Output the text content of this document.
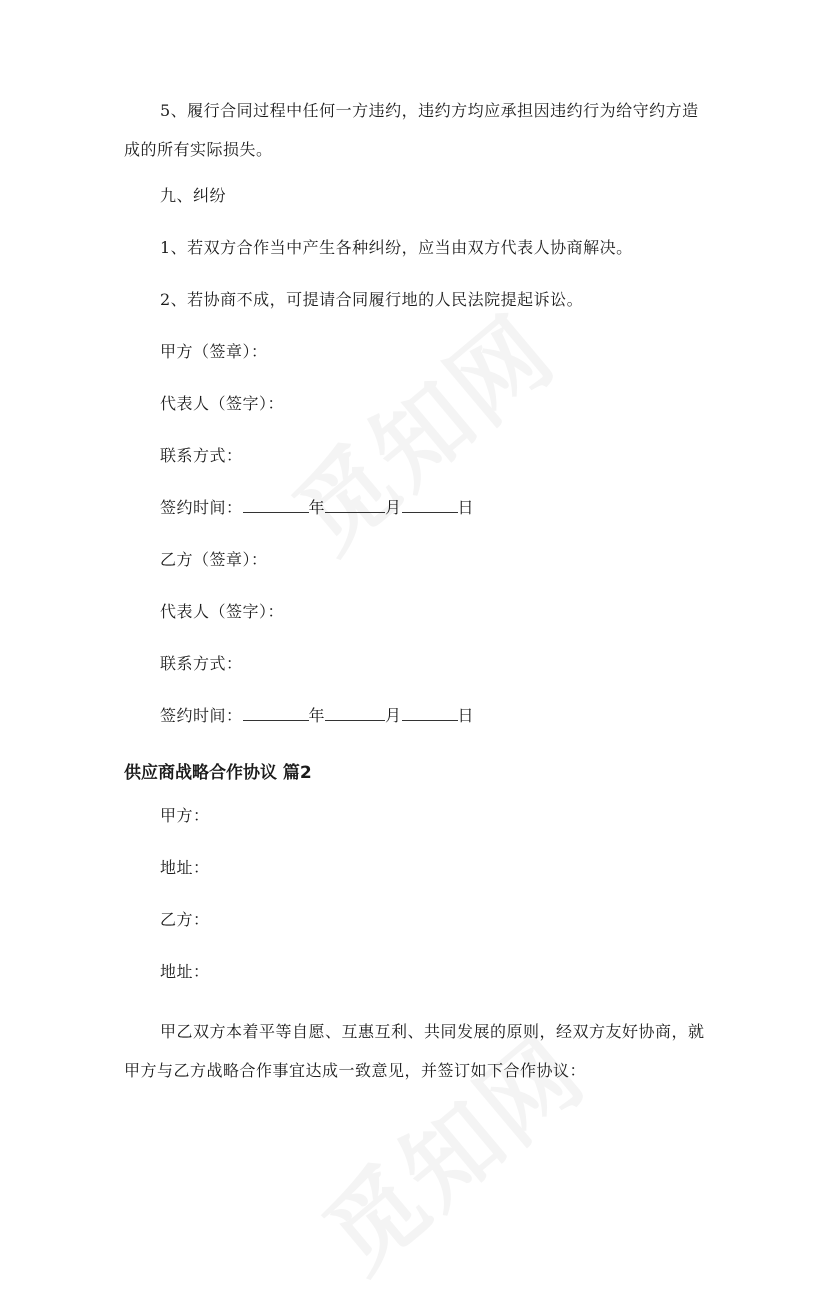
5、履行合同过程中任何一方违约，违约方均应承担因违约行为给守约方造成的所有实际损失。
九、纠纷
1、若双方合作当中产生各种纠纷，应当由双方代表人协商解决。
2、若协商不成，可提请合同履行地的人民法院提起诉讼。
甲方（签章）：
代表人（签字）：
联系方式：
签约时间：	年	月	日
乙方（签章）：
代表人（签字）：
联系方式：
签约时间：	年	月	日
供应商战略合作协议 篇2
甲方：
地址：
乙方：
地址：
甲乙双方本着平等自愿、互惠互利、共同发展的原则，经双方友好协商，就甲方与乙方战略合作事宜达成一致意见，并签订如下合作协议：
